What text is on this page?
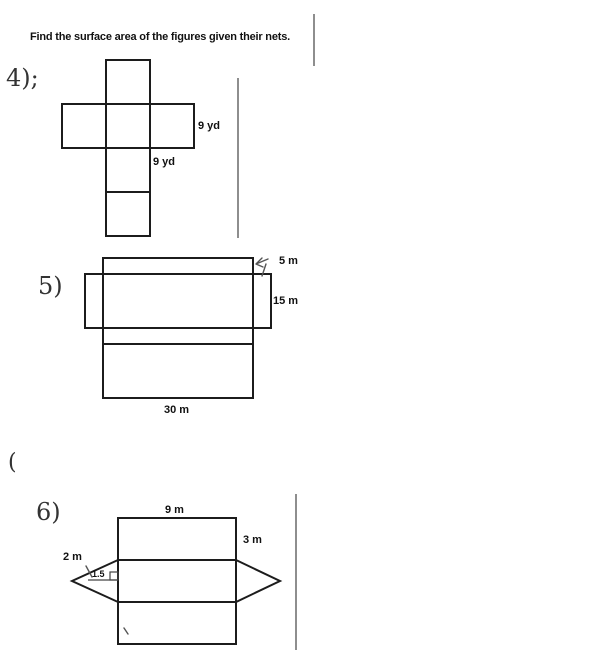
Find the surface area of the figures given their nets.
4);
9 yd
9 yd
5)
5 m
15 m
30 m
(
6)	9 m
3 m
2 m
1.5
